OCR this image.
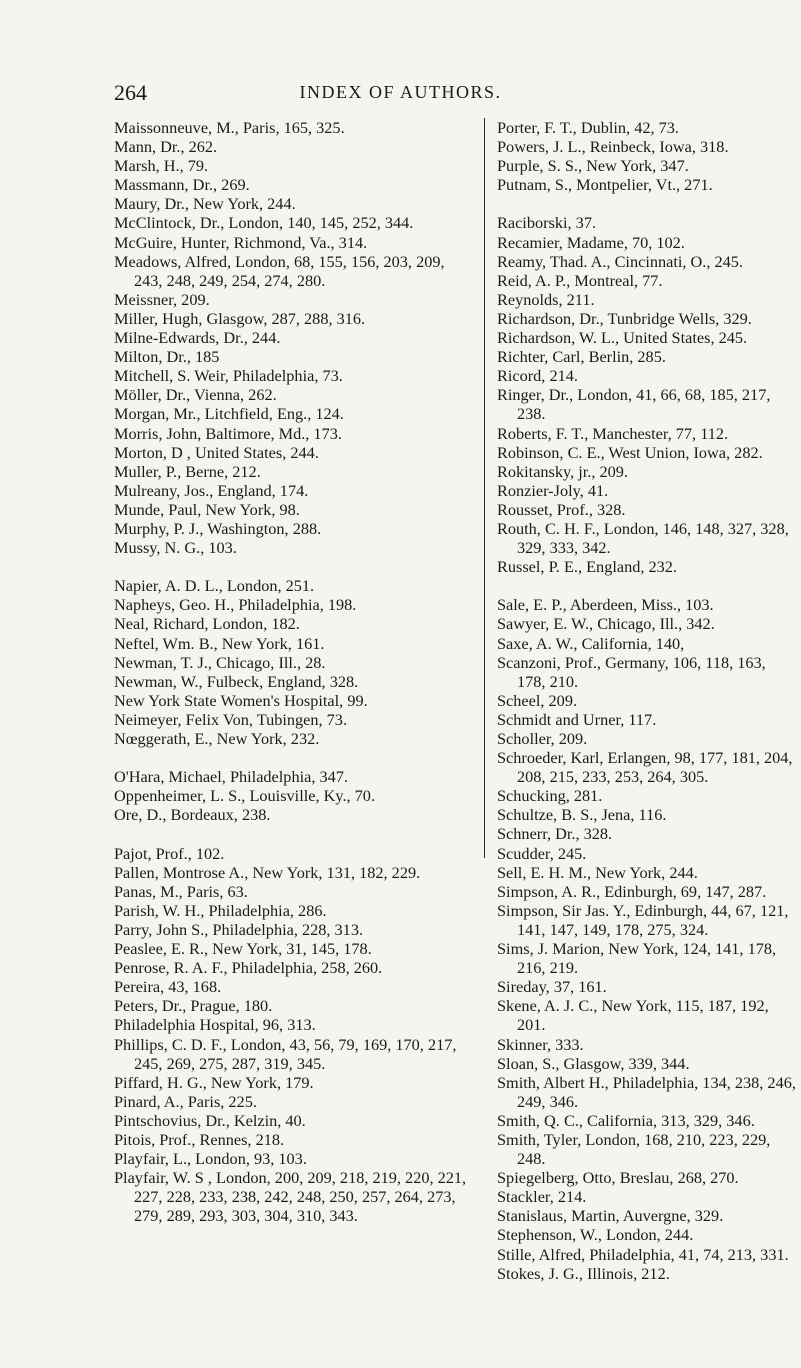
264	INDEX OF AUTHORS.

Maissonneuve, M., Paris, 165, 325.

Mann, Dr., 262.

Marsh, H., 79.

Massmann, Dr., 269.

Maury, Dr., New York, 244.

McClintock, Dr., London, 140, 145, 252, 344.

McGuire, Hunter, Richmond, Va., 314.

Meadows, Alfred, London, 68, 155, 156, 203, 209, 243, 248, 249, 254, 274, 280.

Meissner, 209.

Miller, Hugh, Glasgow, 287, 288, 316.

Milne-Edwards, Dr., 244.

Milton, Dr., 185

Mitchell, S. Weir, Philadelphia, 73.

Möller, Dr., Vienna, 262.

Morgan, Mr., Litchfield, Eng., 124.

Morris, John, Baltimore, Md., 173.

Morton, D , United States, 244.

Muller, P., Berne, 212.

Mulreany, Jos., England, 174.

Munde, Paul, New York, 98.

Murphy, P. J., Washington, 288.

Mussy, N. G., 103.

Napier, A. D. L., London, 251.

Napheys, Geo. H., Philadelphia, 198.

Neal, Richard, London, 182.

Neftel, Wm. B., New York, 161.

Newman, T. J., Chicago, Ill., 28.

Newman, W., Fulbeck, England, 328.

New York State Women's Hospital, 99.

Neimeyer, Felix Von, Tubingen, 73.

Nœggerath, E., New York, 232.

O'Hara, Michael, Philadelphia, 347.

Oppenheimer, L. S., Louisville, Ky., 70.

Ore, D., Bordeaux, 238.

Pajot, Prof., 102.

Pallen, Montrose A., New York, 131, 182, 229.

Panas, M., Paris, 63.

Parish, W. H., Philadelphia, 286.

Parry, John S., Philadelphia, 228, 313.

Peaslee, E. R., New York, 31, 145, 178.

Penrose, R. A. F., Philadelphia, 258, 260.

Pereira, 43, 168.

Peters, Dr., Prague, 180.

Philadelphia Hospital, 96, 313.

Phillips, C. D. F., London, 43, 56, 79, 169, 170, 217, 245, 269, 275, 287, 319, 345.

Piffard, H. G., New York, 179.

Pinard, A., Paris, 225.

Pintschovius, Dr., Kelzin, 40.

Pitois, Prof., Rennes, 218.

Playfair, L., London, 93, 103.

Playfair, W. S , London, 200, 209, 218, 219, 220, 221, 227, 228, 233, 238, 242, 248, 250, 257, 264, 273, 279, 289, 293, 303, 304, 310, 343.

Porter, F. T., Dublin, 42, 73.

Powers, J. L., Reinbeck, Iowa, 318.

Purple, S. S., New York, 347.

Putnam, S., Montpelier, Vt., 271.

Raciborski, 37.

Recamier, Madame, 70, 102.

Reamy, Thad. A., Cincinnati, O., 245.

Reid, A. P., Montreal, 77.

Reynolds, 211.

Richardson, Dr., Tunbridge Wells, 329.

Richardson, W. L., United States, 245.

Richter, Carl, Berlin, 285.

Ricord, 214.

Ringer, Dr., London, 41, 66, 68, 185, 217, 238.

Roberts, F. T., Manchester, 77, 112.

Robinson, C. E., West Union, Iowa, 282.

Rokitansky, jr., 209.

Ronzier-Joly, 41.

Rousset, Prof., 328.

Routh, C. H. F., London, 146, 148, 327, 328, 329, 333, 342.

Russel, P. E., England, 232.

Sale, E. P., Aberdeen, Miss., 103.

Sawyer, E. W., Chicago, Ill., 342.

Saxe, A. W., California, 140,

Scanzoni, Prof., Germany, 106, 118, 163, 178, 210.

Scheel, 209.

Schmidt and Urner, 117.

Scholler, 209.

Schroeder, Karl, Erlangen, 98, 177, 181, 204, 208, 215, 233, 253, 264, 305.

Schucking, 281.

Schultze, B. S., Jena, 116.

Schnerr, Dr., 328.

Scudder, 245.

Sell, E. H. M., New York, 244.

Simpson, A. R., Edinburgh, 69, 147, 287.

Simpson, Sir Jas. Y., Edinburgh, 44, 67, 121, 141, 147, 149, 178, 275, 324.

Sims, J. Marion, New York, 124, 141, 178, 216, 219.

Sireday, 37, 161.

Skene, A. J. C., New York, 115, 187, 192, 201.

Skinner, 333.

Sloan, S., Glasgow, 339, 344.

Smith, Albert H., Philadelphia, 134, 238, 246, 249, 346.

Smith, Q. C., California, 313, 329, 346.

Smith, Tyler, London, 168, 210, 223, 229, 248.

Spiegelberg, Otto, Breslau, 268, 270.

Stackler, 214.

Stanislaus, Martin, Auvergne, 329.

Stephenson, W., London, 244.

Stille, Alfred, Philadelphia, 41, 74, 213, 331.

Stokes, J. G., Illinois, 212.
